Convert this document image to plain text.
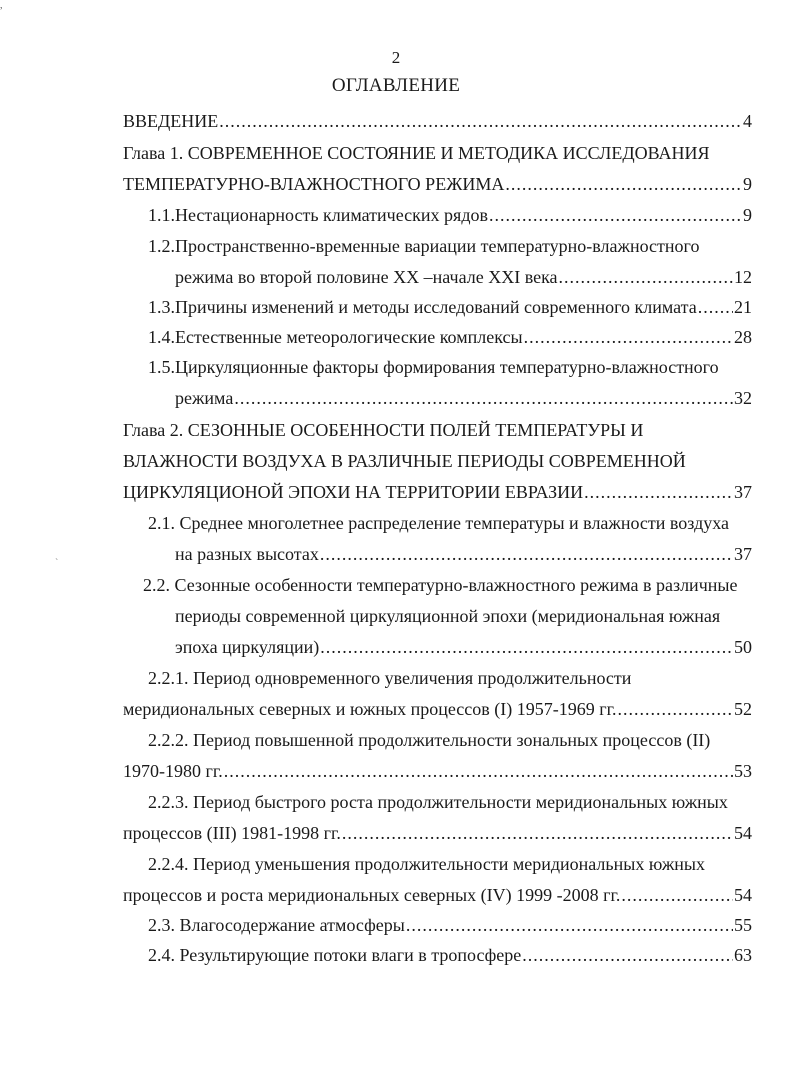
,
`
2
ОГЛАВЛЕНИЕ
ВВЕДЕНИЕ .....	4
Глава 1. СОВРЕМЕННОЕ СОСТОЯНИЕ И МЕТОДИКА ИССЛЕДОВАНИЯ
ТЕМПЕРАТУРНО-ВЛАЖНОСТНОГО РЕЖИМА .....	9
1.1.Нестационарность климатических рядов .....	9
1.2.Пространственно-временные вариации температурно-влажностного
режима во второй половине XX –начале XXI века .....	12
1.3.Причины изменений и методы исследований современного климата ..... 21
1.4.Естественные метеорологические комплексы .....	28
1.5.Циркуляционные факторы формирования температурно-влажностного
режима .....	32
Глава 2. СЕЗОННЫЕ ОСОБЕННОСТИ ПОЛЕЙ ТЕМПЕРАТУРЫ И
ВЛАЖНОСТИ ВОЗДУХА В РАЗЛИЧНЫЕ ПЕРИОДЫ СОВРЕМЕННОЙ
ЦИРКУЛЯЦИОНОЙ ЭПОХИ НА ТЕРРИТОРИИ ЕВРАЗИИ .....	37
2.1. Среднее многолетнее распределение температуры и влажности воздуха
на разных высотах .....	37
2.2. Сезонные особенности температурно-влажностного режима в различные
периоды современной циркуляционной эпохи (меридиональная южная
эпоха циркуляции) .....	50
2.2.1. Период одновременного увеличения продолжительности
меридиональных северных и южных процессов (I) 1957-1969 гг. .....	52
2.2.2. Период повышенной продолжительности зональных процессов (II)
1970-1980 гг. .....	53
2.2.3. Период быстрого роста продолжительности меридиональных южных
процессов (III) 1981-1998 гг. .....	54
2.2.4. Период уменьшения продолжительности меридиональных южных
процессов и роста меридиональных северных (IV) 1999 -2008 гг. .....	54
2.3. Влагосодержание атмосферы .....	55
2.4. Результирующие потоки влаги в тропосфере .....	63
